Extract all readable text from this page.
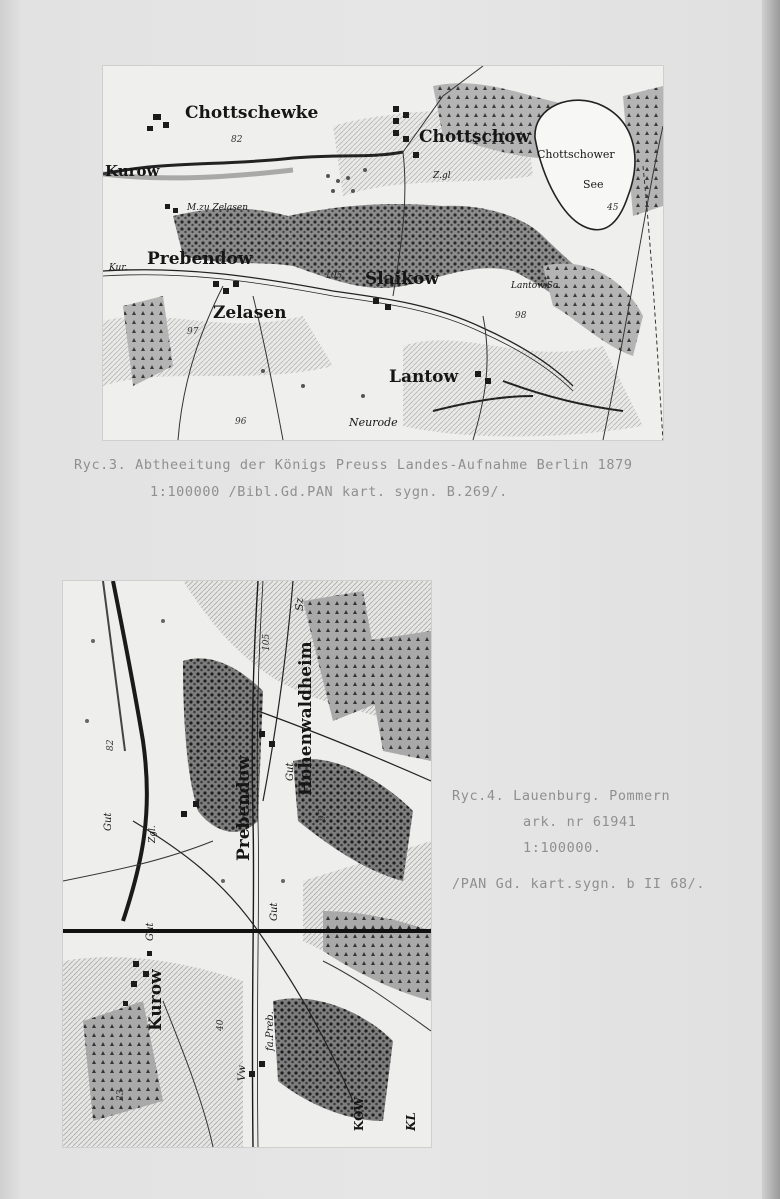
Chottschewke
Chottschow
Chottschower
See
Kurow
M.zu Zelasen
Prebendow
Zelasen
Slaikow
Lantow
Neurode
Lantow.Sc.
Z.gl
Kur.
82
105
97
98
96
45
Ryc.3. Abtheeitung der Königs Preuss Landes-Aufnahme Berlin 1879
1:100000 /Bibl.Gd.PAN kart. sygn. B.269/.
Prebendow
Hohenwaldheim
Kurow
Gut
Gut
Gut
Gut
Zgl.
Vw
fa.Preb.
KOW	KL
Sz
82
105
97
40
23
Ryc.4. Lauenburg. Pommern
ark. nr 61941
1:100000.
/PAN Gd. kart.sygn. b II 68/.
